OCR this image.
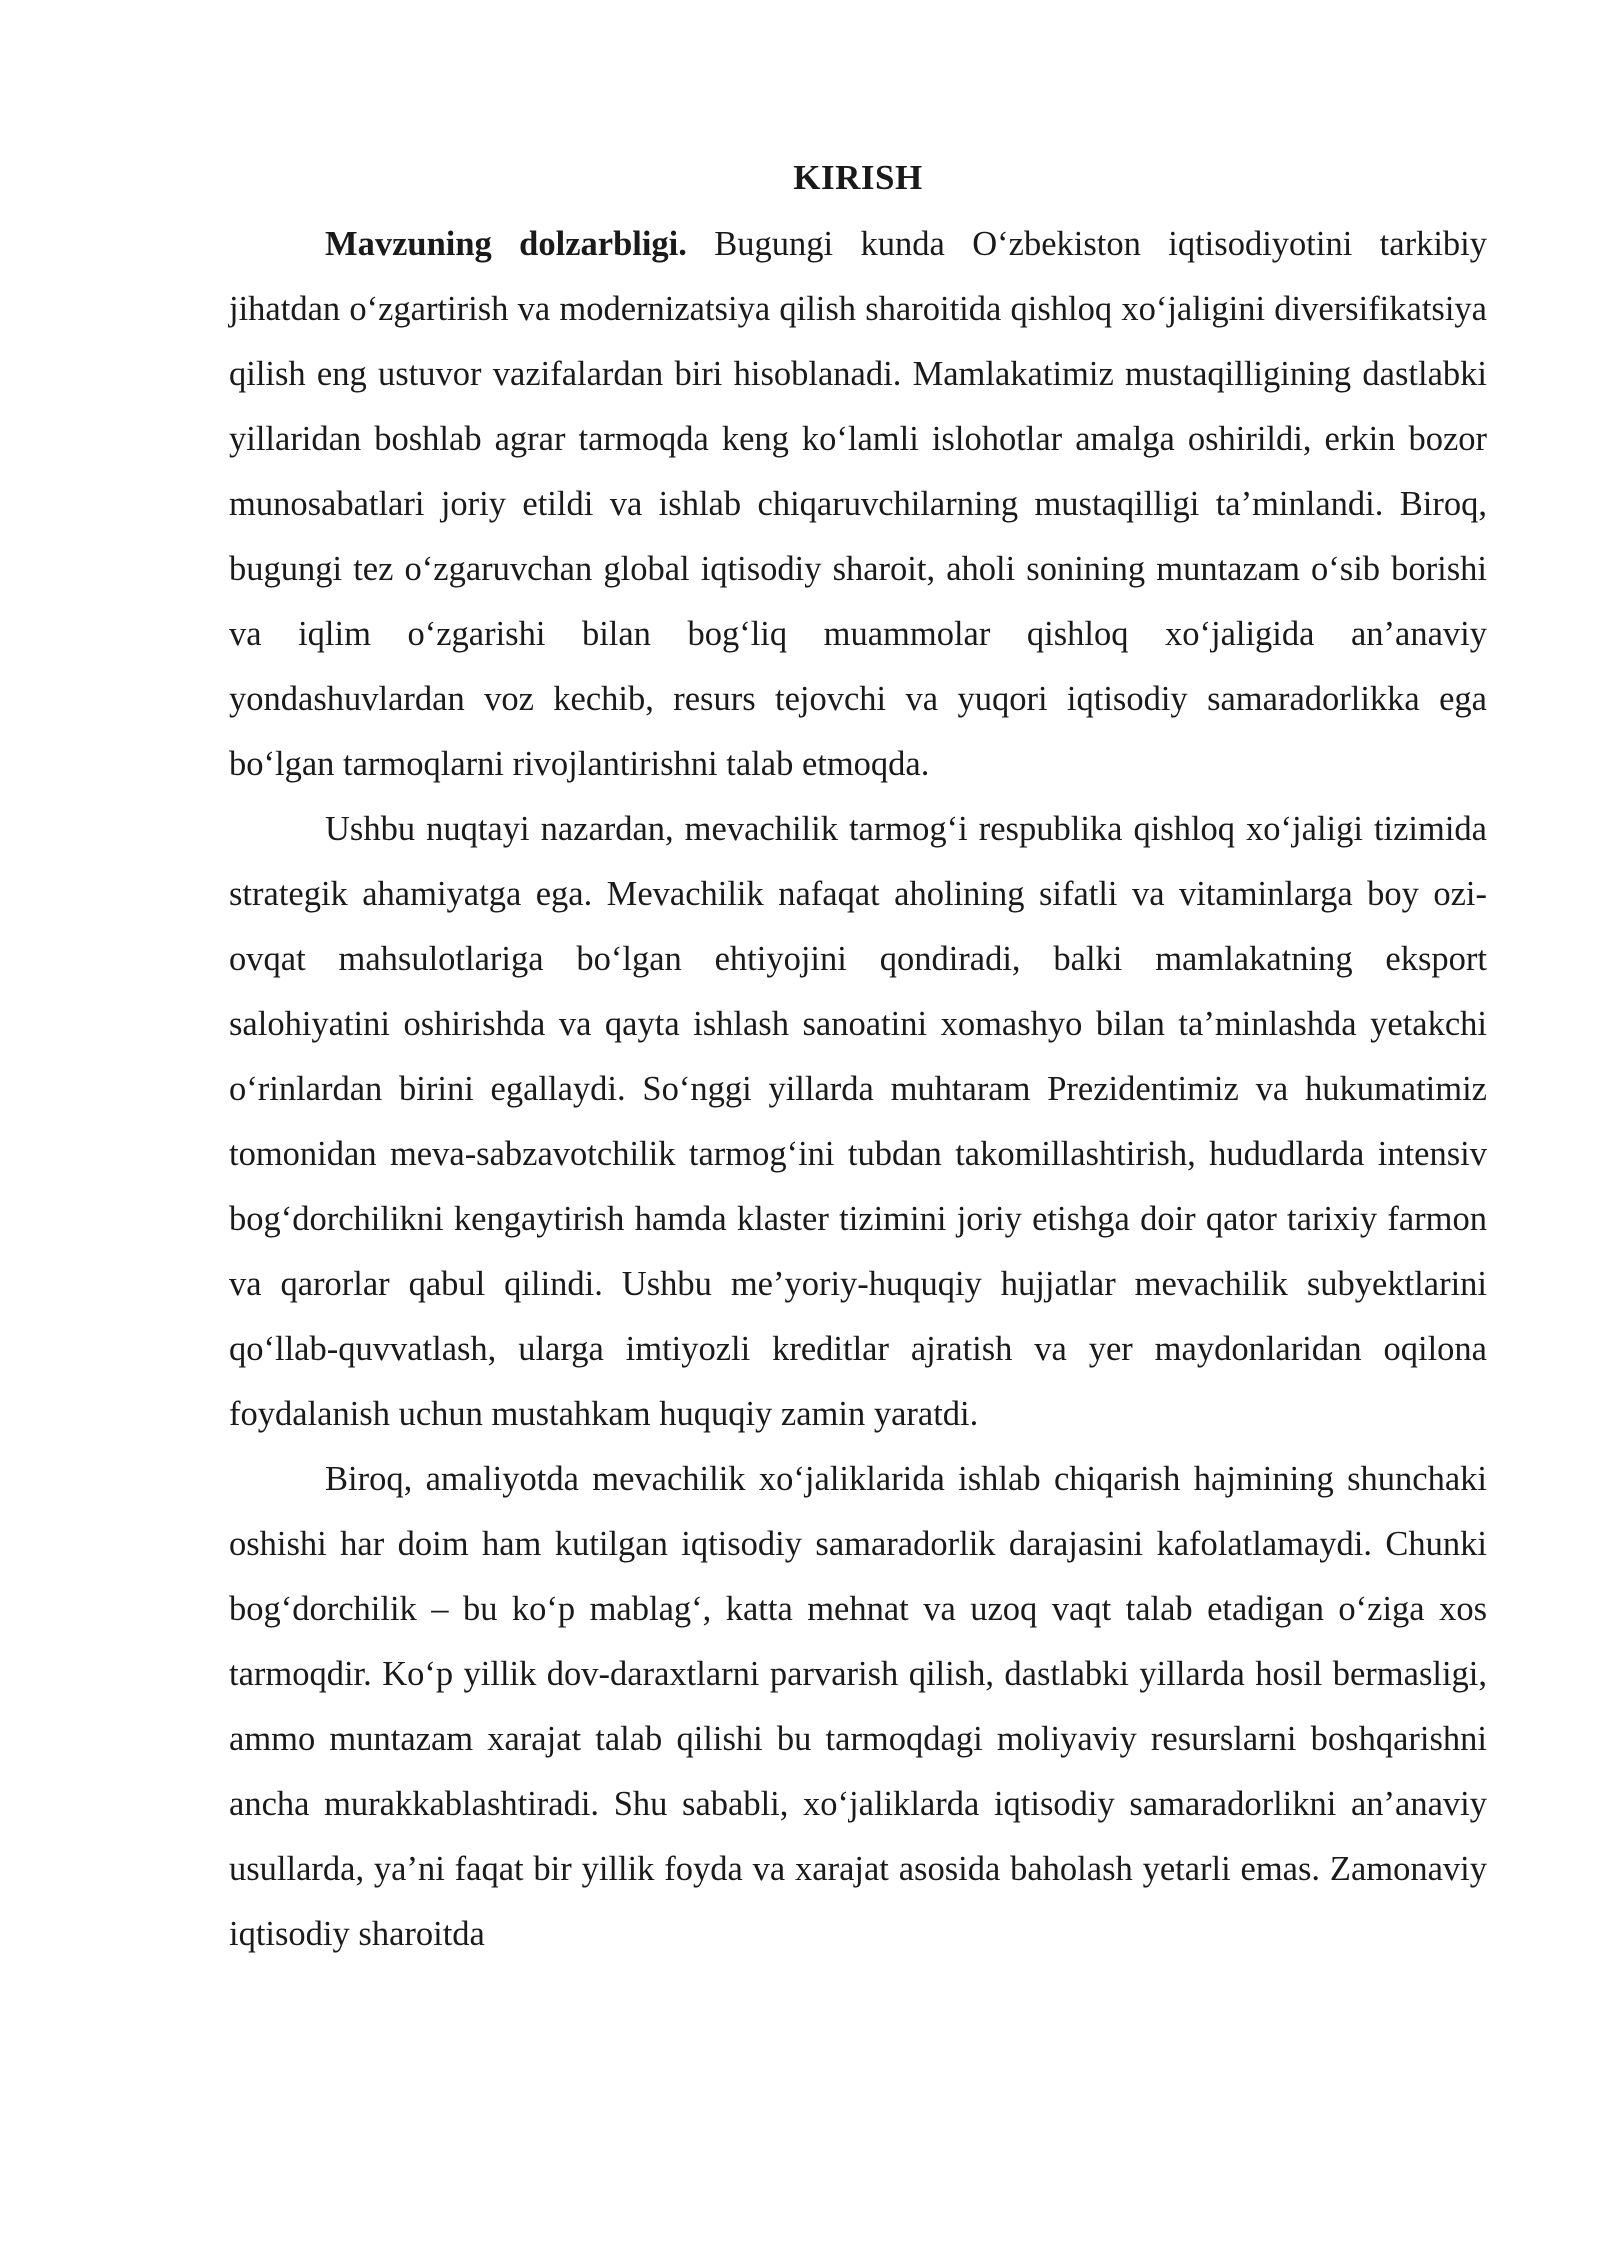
KIRISH

Mavzuning dolzarbligi. Bugungi kunda O‘zbekiston iqtisodiyotini tarkibiy jihatdan o‘zgartirish va modernizatsiya qilish sharoitida qishloq xo‘jaligini diversifikatsiya qilish eng ustuvor vazifalardan biri hisoblanadi. Mamlakatimiz mustaqilligining dastlabki yillaridan boshlab agrar tarmoqda keng ko‘lamli islohotlar amalga oshirildi, erkin bozor munosabatlari joriy etildi va ishlab chiqaruvchilarning mustaqilligi ta’minlandi. Biroq, bugungi tez o‘zgaruvchan global iqtisodiy sharoit, aholi sonining muntazam o‘sib borishi va iqlim o‘zgarishi bilan bog‘liq muammolar qishloq xo‘jaligida an’anaviy yondashuvlardan voz kechib, resurs tejovchi va yuqori iqtisodiy samaradorlikka ega bo‘lgan tarmoqlarni rivojlantirishni talab etmoqda.

Ushbu nuqtayi nazardan, mevachilik tarmog‘i respublika qishloq xo‘jaligi tizimida strategik ahamiyatga ega. Mevachilik nafaqat aholining sifatli va vitaminlarga boy ozi-ovqat mahsulotlariga bo‘lgan ehtiyojini qondiradi, balki mamlakatning eksport salohiyatini oshirishda va qayta ishlash sanoatini xomashyo bilan ta’minlashda yetakchi o‘rinlardan birini egallaydi. So‘nggi yillarda muhtaram Prezidentimiz va hukumatimiz tomonidan meva-sabzavotchilik tarmog‘ini tubdan takomillashtirish, hududlarda intensiv bog‘dorchilikni kengaytirish hamda klaster tizimini joriy etishga doir qator tarixiy farmon va qarorlar qabul qilindi. Ushbu me’yoriy-huquqiy hujjatlar mevachilik subyektlarini qo‘llab-quvvatlash, ularga imtiyozli kreditlar ajratish va yer maydonlaridan oqilona foydalanish uchun mustahkam huquqiy zamin yaratdi.

Biroq, amaliyotda mevachilik xo‘jaliklarida ishlab chiqarish hajmining shunchaki oshishi har doim ham kutilgan iqtisodiy samaradorlik darajasini kafolatlamaydi. Chunki bog‘dorchilik – bu ko‘p mablag‘, katta mehnat va uzoq vaqt talab etadigan o‘ziga xos tarmoqdir. Ko‘p yillik dov-daraxtlarni parvarish qilish, dastlabki yillarda hosil bermasligi, ammo muntazam xarajat talab qilishi bu tarmoqdagi moliyaviy resurslarni boshqarishni ancha murakkablashtiradi. Shu sababli, xo‘jaliklarda iqtisodiy samaradorlikni an’anaviy usullarda, ya’ni faqat bir yillik foyda va xarajat asosida baholash yetarli emas. Zamonaviy iqtisodiy sharoitda
